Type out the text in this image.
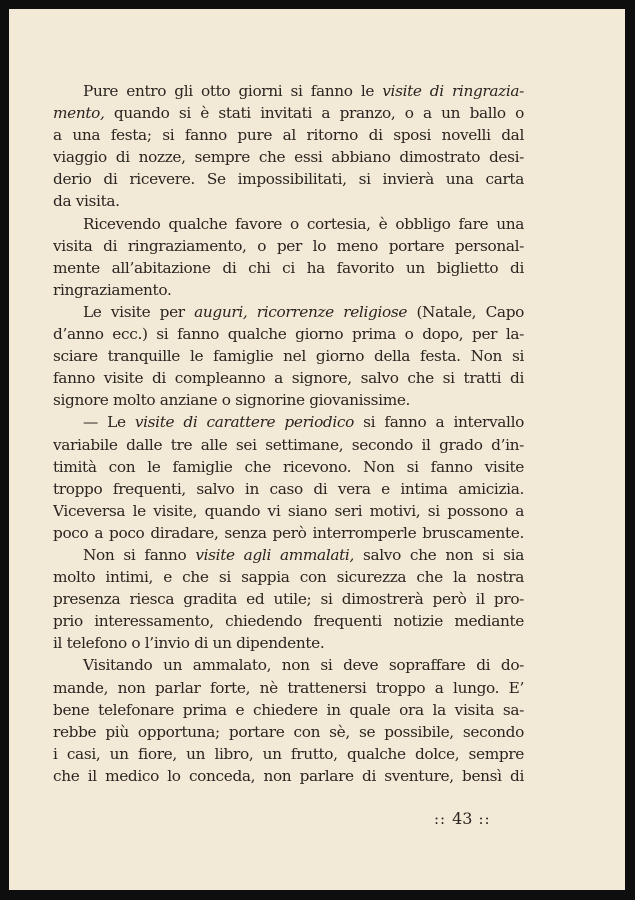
Pure entro gli otto giorni si fanno le visite di ringrazia-
mento, quando si è stati invitati a pranzo, o a un ballo o
a una festa; si fanno pure al ritorno di sposi novelli dal
viaggio di nozze, sempre che essi abbiano dimostrato desi-
derio di ricevere. Se impossibilitati, si invierà una carta
da visita.
Ricevendo qualche favore o cortesia, è obbligo fare una
visita di ringraziamento, o per lo meno portare personal-
mente all’abitazione di chi ci ha favorito un biglietto di
ringraziamento.
Le visite per auguri, ricorrenze religiose (Natale, Capo
d’anno ecc.) si fanno qualche giorno prima o dopo, per la-
sciare tranquille le famiglie nel giorno della festa. Non si
fanno visite di compleanno a signore, salvo che si tratti di
signore molto anziane o signorine giovanissime.
— Le visite di carattere periodico si fanno a intervallo
variabile dalle tre alle sei settimane, secondo il grado d’in-
timità con le famiglie che ricevono. Non si fanno visite
troppo frequenti, salvo in caso di vera e intima amicizia.
Viceversa le visite, quando vi siano seri motivi, si possono a
poco a poco diradare, senza però interromperle bruscamente.
Non si fanno visite agli ammalati, salvo che non si sia
molto intimi, e che si sappia con sicurezza che la nostra
presenza riesca gradita ed utile; si dimostrerà però il pro-
prio interessamento, chiedendo frequenti notizie mediante
il telefono o l’invio di un dipendente.
Visitando un ammalato, non si deve sopraffare di do-
mande, non parlar forte, nè trattenersi troppo a lungo. E’
bene telefonare prima e chiedere in quale ora la visita sa-
rebbe più opportuna; portare con sè, se possibile, secondo
i casi, un fiore, un libro, un frutto, qualche dolce, sempre
che il medico lo conceda, non parlare di sventure, bensì di
:: 43 ::
